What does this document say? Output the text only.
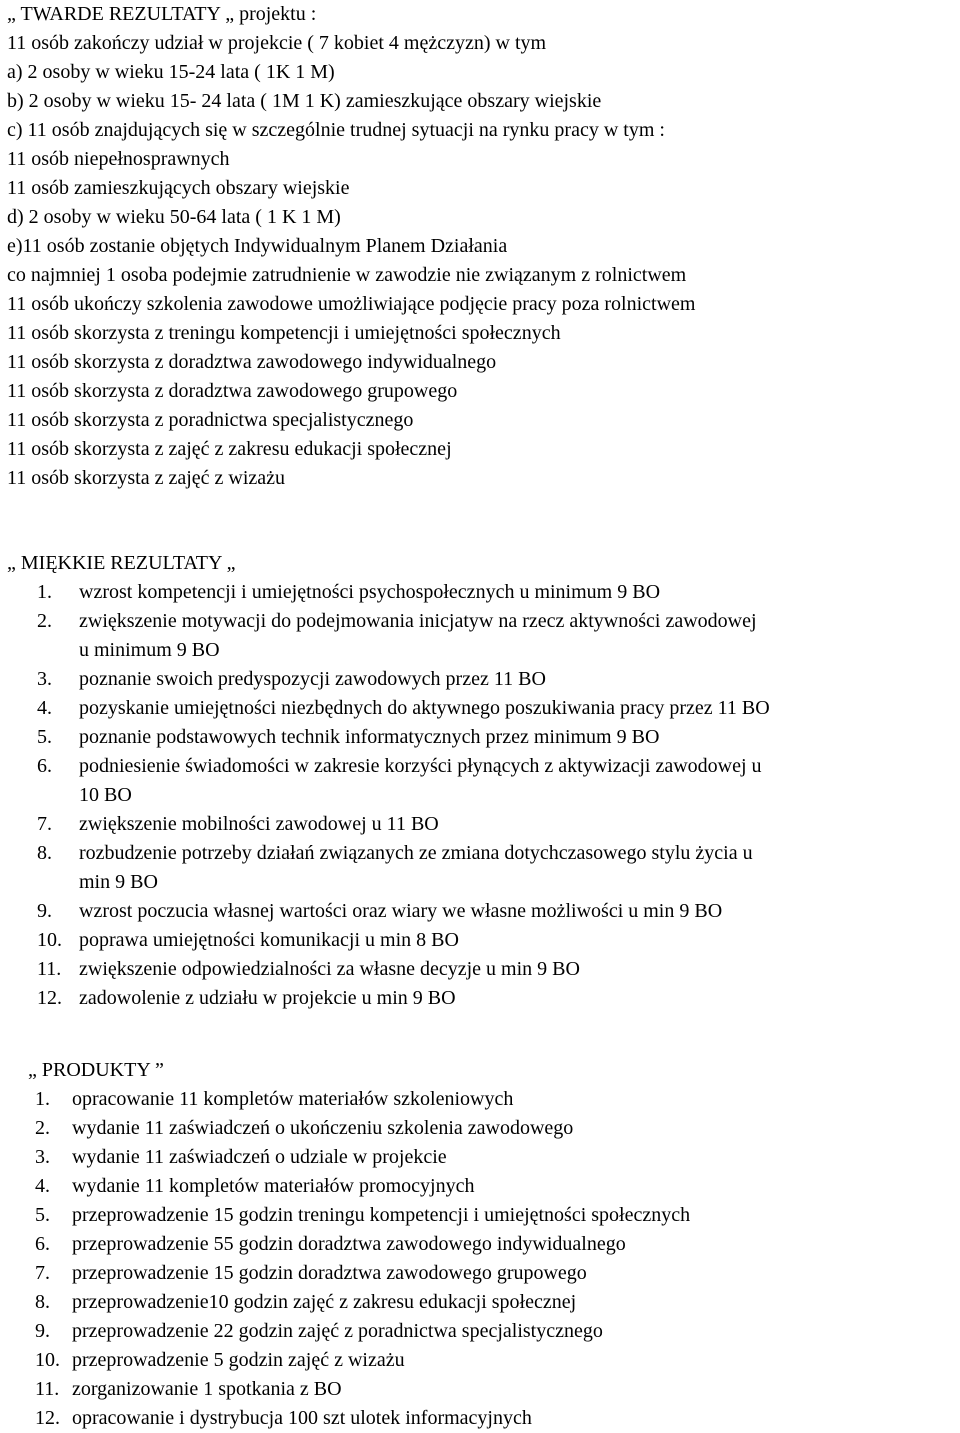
„ TWARDE REZULTATY „ projektu :

11 osób zakończy udział w projekcie ( 7 kobiet 4 mężczyzn) w tym

a) 2 osoby w wieku 15-24 lata ( 1K 1 M)

b) 2 osoby w wieku 15- 24 lata ( 1M 1 K) zamieszkujące obszary wiejskie

c) 11 osób znajdujących się w szczególnie trudnej sytuacji na rynku pracy w tym :

11 osób niepełnosprawnych

11 osób zamieszkujących obszary wiejskie

d) 2 osoby w wieku 50-64 lata ( 1 K 1 M)

e)11 osób zostanie objętych Indywidualnym Planem Działania

co najmniej 1 osoba podejmie zatrudnienie w zawodzie nie związanym z rolnictwem

11 osób ukończy szkolenia zawodowe umożliwiające podjęcie pracy poza rolnictwem

11 osób skorzysta z treningu kompetencji i umiejętności społecznych

11 osób skorzysta z doradztwa zawodowego indywidualnego

11 osób skorzysta z doradztwa zawodowego grupowego

11 osób skorzysta z poradnictwa specjalistycznego

11 osób skorzysta z zajęć z zakresu edukacji społecznej

11 osób skorzysta z zajęć z wizażu

„ MIĘKKIE REZULTATY „

1. wzrost kompetencji i umiejętności psychospołecznych u minimum 9 BO
2. zwiększenie motywacji do podejmowania inicjatyw na rzecz aktywności zawodowej
u minimum 9 BO
3. poznanie swoich predyspozycji zawodowych przez 11 BO
4. pozyskanie umiejętności niezbędnych do aktywnego poszukiwania pracy przez 11 BO
5. poznanie podstawowych technik informatycznych przez minimum 9 BO
6. podniesienie świadomości w zakresie korzyści płynących z aktywizacji zawodowej u
10 BO
7. zwiększenie mobilności zawodowej u 11 BO
8. rozbudzenie potrzeby działań związanych ze zmiana dotychczasowego stylu życia u
min 9 BO
9. wzrost poczucia własnej wartości oraz wiary we własne możliwości u min 9 BO
10. poprawa umiejętności komunikacji u min 8 BO
11. zwiększenie odpowiedzialności za własne decyzje u min 9 BO
12. zadowolenie z udziału w projekcie u min 9 BO

„ PRODUKTY ”

1. opracowanie 11 kompletów materiałów szkoleniowych
2. wydanie 11 zaświadczeń o ukończeniu szkolenia zawodowego
3. wydanie 11 zaświadczeń o udziale w projekcie
4. wydanie 11 kompletów materiałów promocyjnych
5. przeprowadzenie 15 godzin treningu kompetencji i umiejętności społecznych
6. przeprowadzenie 55 godzin doradztwa zawodowego indywidualnego
7. przeprowadzenie 15 godzin doradztwa zawodowego grupowego
8. przeprowadzenie10 godzin zajęć z zakresu edukacji społecznej
9. przeprowadzenie 22 godzin zajęć z poradnictwa specjalistycznego
10. przeprowadzenie 5 godzin zajęć z wizażu
11. zorganizowanie 1 spotkania z BO
12. opracowanie i dystrybucja 100 szt ulotek informacyjnych
